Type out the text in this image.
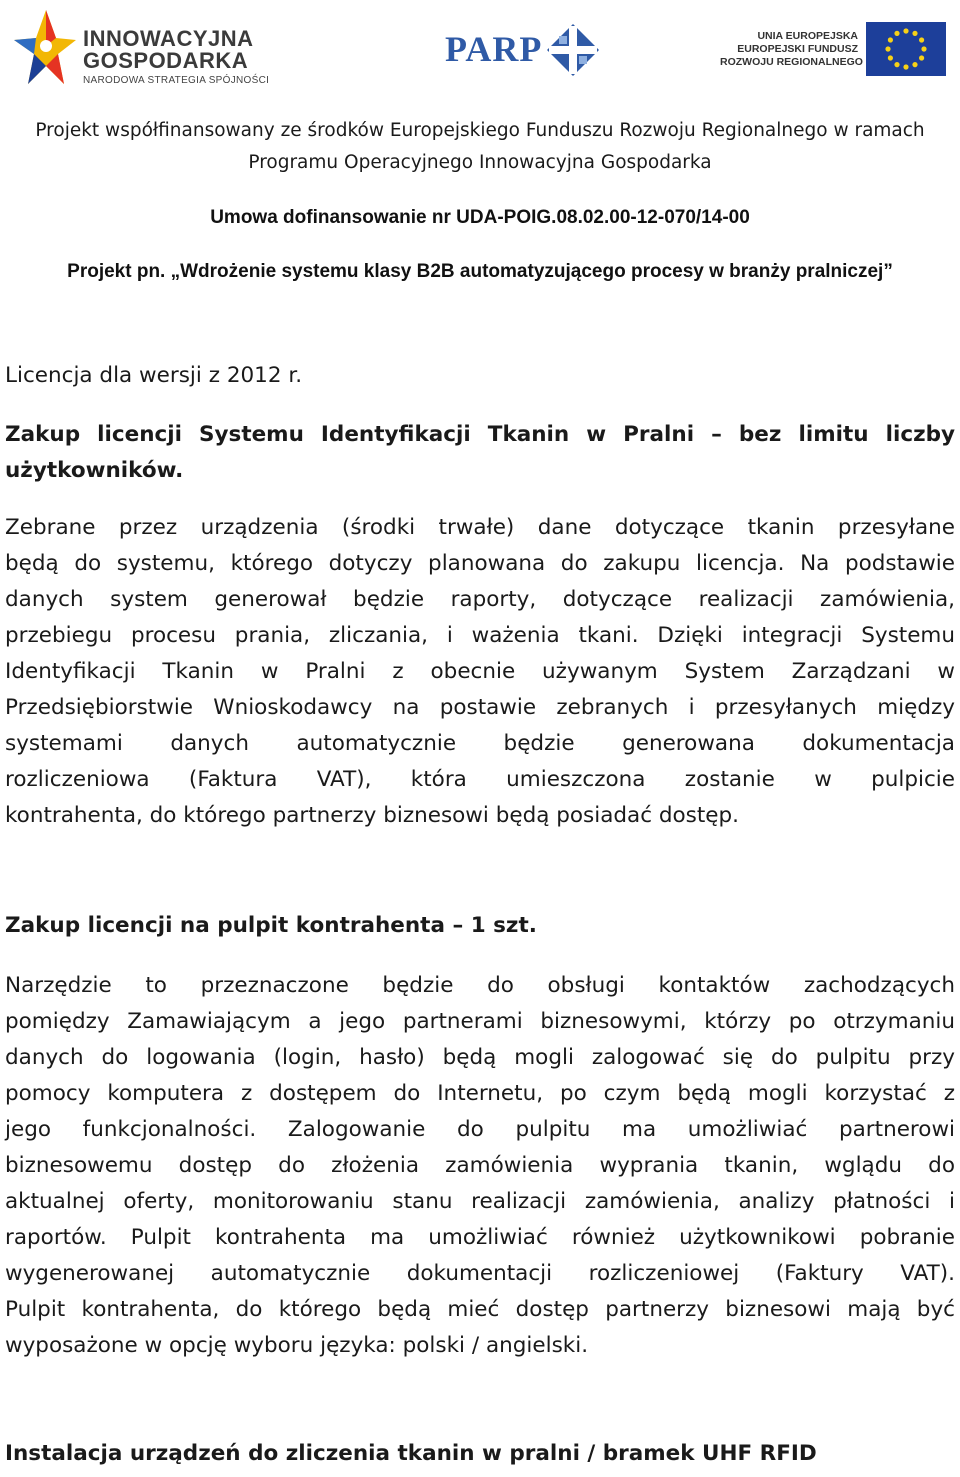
INNOWACYJNA
GOSPODARKA
NARODOWA STRATEGIA SPÓJNOŚCI
PARP	UNIA EUROPEJSKA
EUROPEJSKI FUNDUSZ
ROZWOJU REGIONALNEGO
Projekt współfinansowany ze środków Europejskiego Funduszu Rozwoju Regionalnego w ramach
Programu Operacyjnego Innowacyjna Gospodarka
Umowa dofinansowanie nr UDA-POIG.08.02.00-12-070/14-00
Projekt pn. „Wdrożenie systemu klasy B2B automatyzującego procesy w branży pralniczej”
Licencja dla wersji z 2012 r.
Zakup licencji Systemu Identyfikacji Tkanin w Pralni – bez limitu liczby
użytkowników.
Zebrane przez urządzenia (środki trwałe) dane dotyczące tkanin przesyłane
będą do systemu, którego dotyczy planowana do zakupu licencja. Na podstawie
danych system generował będzie raporty, dotyczące realizacji zamówienia,
przebiegu procesu prania, zliczania, i ważenia tkani. Dzięki integracji Systemu
Identyfikacji Tkanin w Pralni z obecnie używanym System Zarządzani w
Przedsiębiorstwie Wnioskodawcy na postawie zebranych i przesyłanych między
systemami danych automatycznie będzie generowana dokumentacja
rozliczeniowa (Faktura VAT), która umieszczona zostanie w pulpicie
kontrahenta, do którego partnerzy biznesowi będą posiadać dostęp.
Zakup licencji na pulpit kontrahenta – 1 szt.
Narzędzie to przeznaczone będzie do obsługi kontaktów zachodzących
pomiędzy Zamawiającym a jego partnerami biznesowymi, którzy po otrzymaniu
danych do logowania (login, hasło) będą mogli zalogować się do pulpitu przy
pomocy komputera z dostępem do Internetu, po czym będą mogli korzystać z
jego funkcjonalności. Zalogowanie do pulpitu ma umożliwiać partnerowi
biznesowemu dostęp do złożenia zamówienia wyprania tkanin, wglądu do
aktualnej oferty, monitorowaniu stanu realizacji zamówienia, analizy płatności i
raportów. Pulpit kontrahenta ma umożliwiać również użytkownikowi pobranie
wygenerowanej automatycznie dokumentacji rozliczeniowej (Faktury VAT).
Pulpit kontrahenta, do którego będą mieć dostęp partnerzy biznesowi mają być
wyposażone w opcję wyboru języka: polski / angielski.
Instalacja urządzeń do zliczenia tkanin w pralni / bramek UHF RFID
